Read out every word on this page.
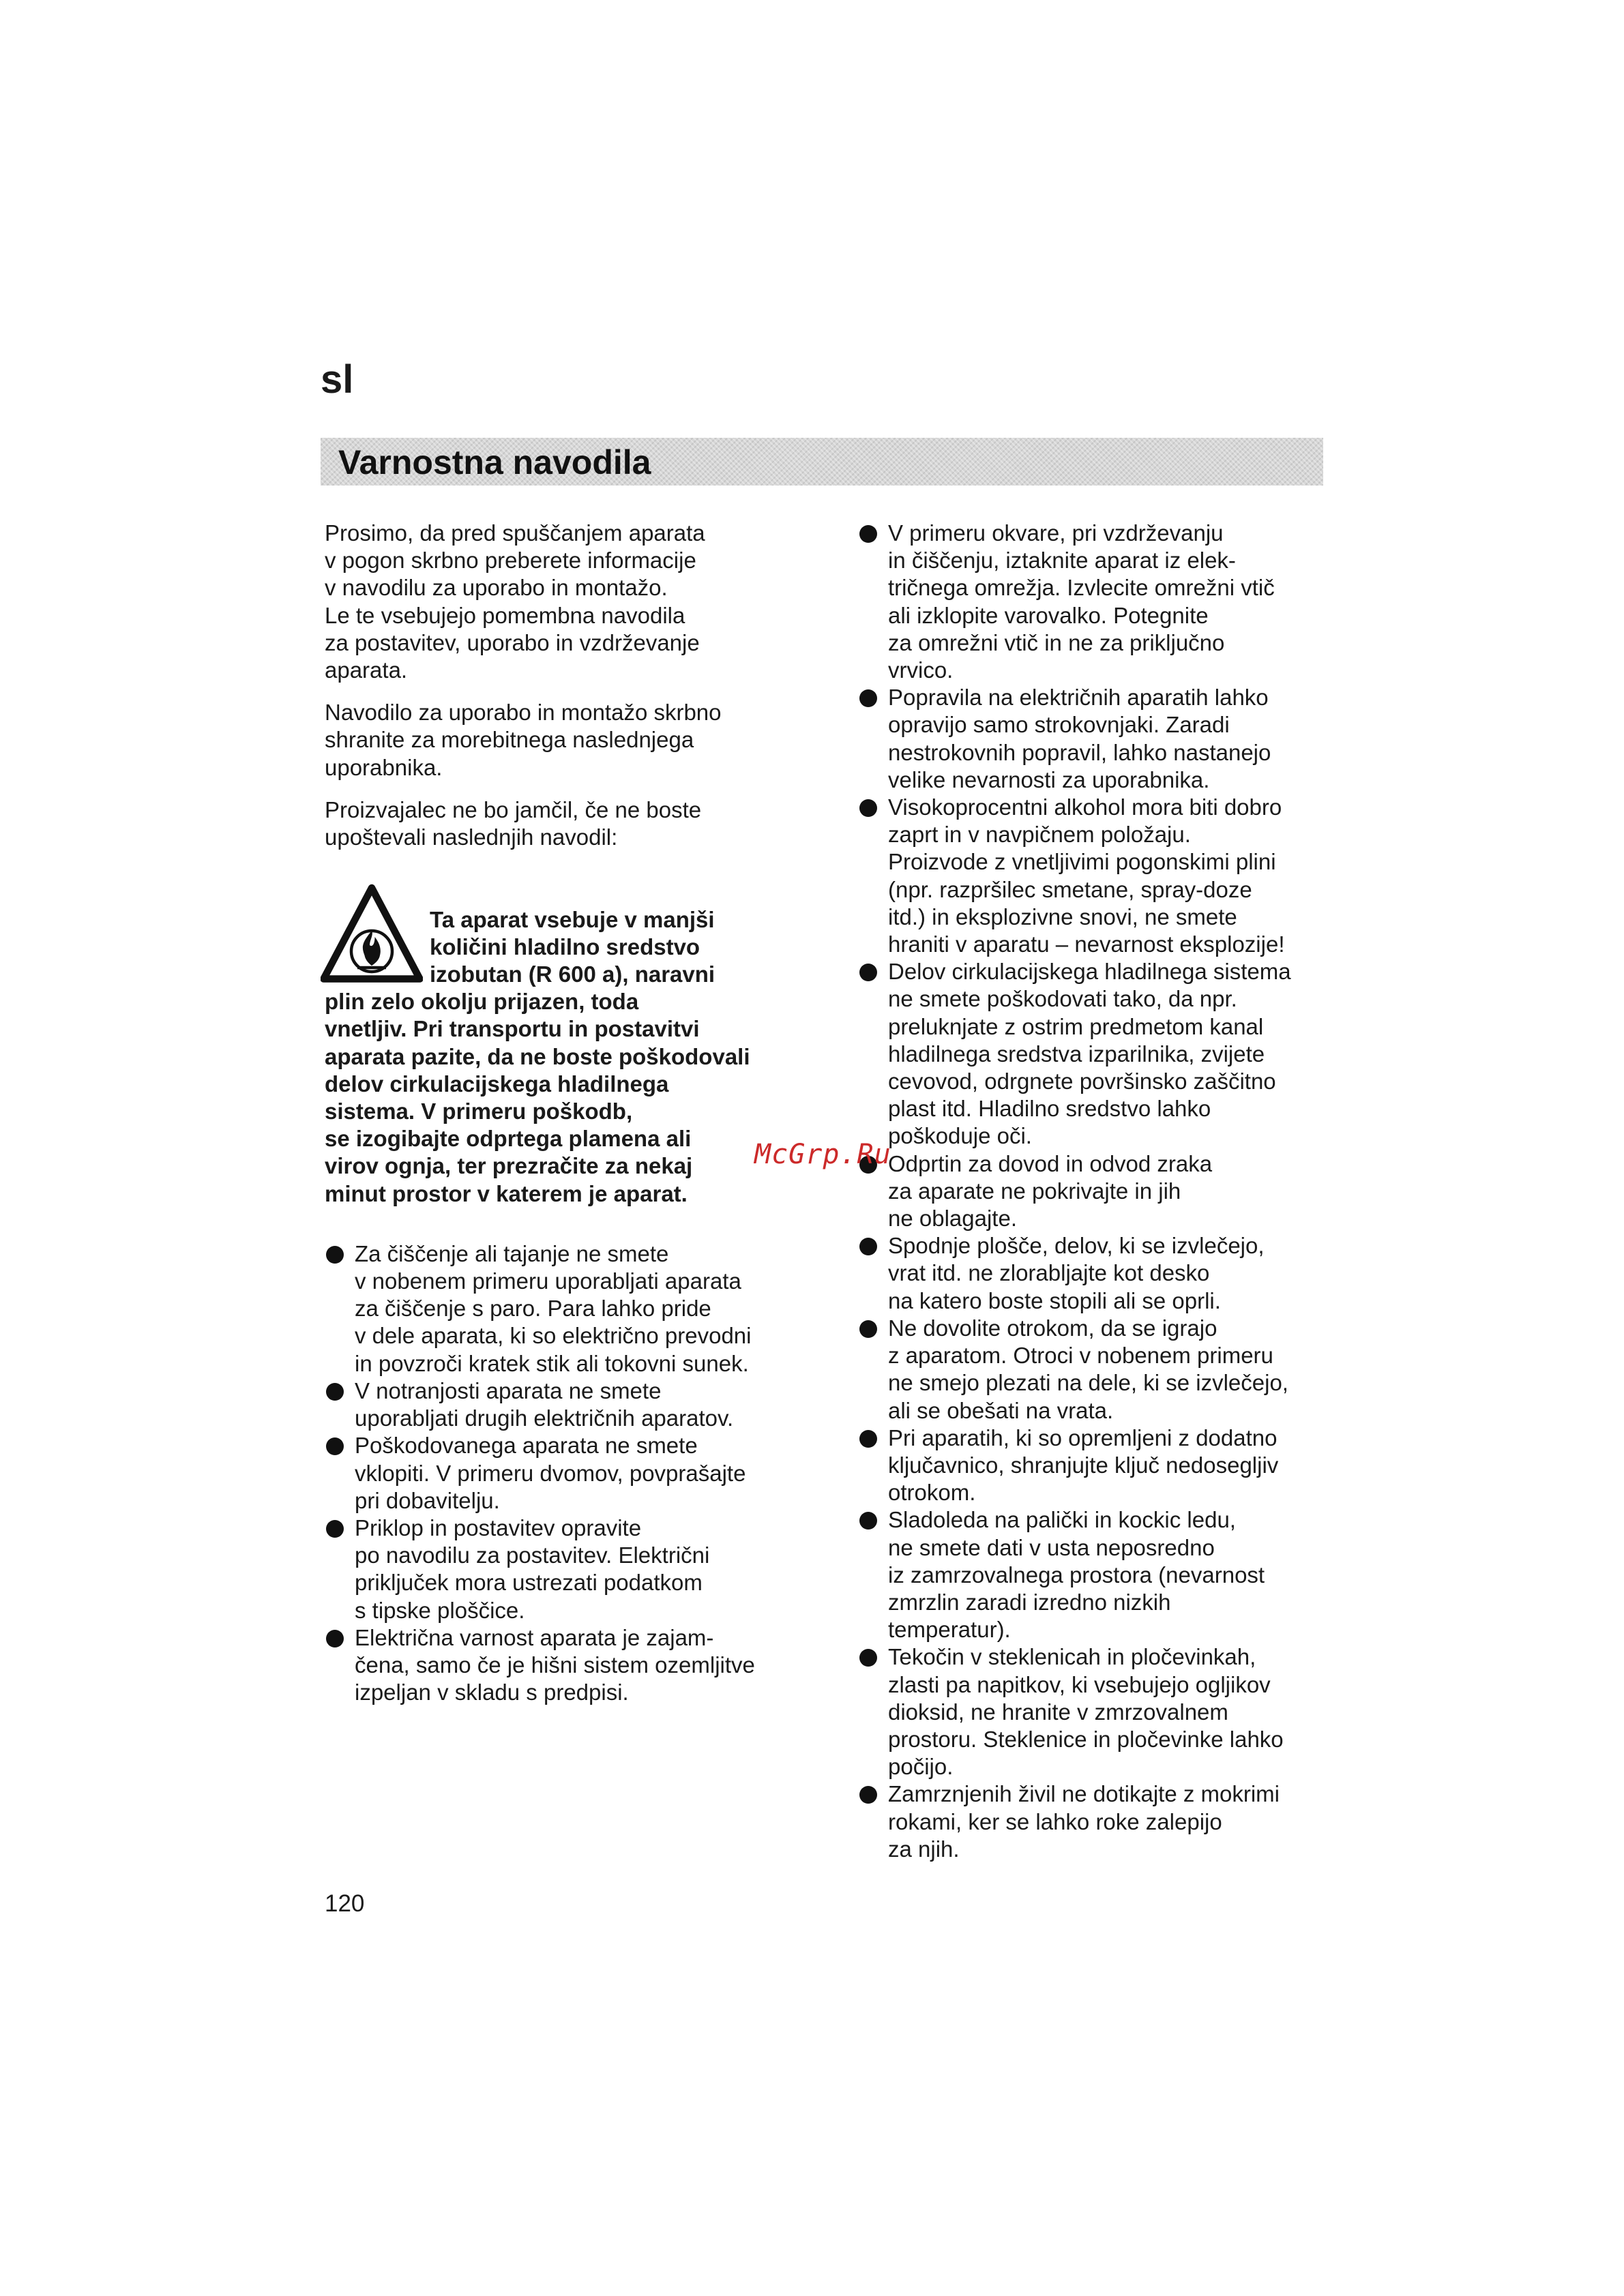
sl
Varnostna navodila

Prosimo, da pred spuščanjem aparata
v pogon skrbno preberete informacije
v navodilu za uporabo in montažo.
Le te vsebujejo pomembna navodila
za postavitev, uporabo in vzdrževanje
aparata.

Navodilo za uporabo in montažo skrbno
shranite za morebitnega naslednjega
uporabnika.

Proizvajalec ne bo jamčil, če ne boste
upoštevali naslednjih navodil:

Ta aparat vsebuje v manjši
količini hladilno sredstvo
izobutan (R 600 a), naravni
plin zelo okolju prijazen, toda
vnetljiv. Pri transportu in postavitvi
aparata pazite, da ne boste poškodovali
delov cirkulacijskega hladilnega
sistema. V primeru poškodb,
se izogibajte odprtega plamena ali
virov ognja, ter prezračite za nekaj
minut prostor v katerem je aparat.

Za čiščenje ali tajanje ne smete
v nobenem primeru uporabljati aparata
za čiščenje s paro. Para lahko pride
v dele aparata, ki so električno prevodni
in povzroči kratek stik ali tokovni sunek.
V notranjosti aparata ne smete
uporabljati drugih električnih aparatov.
Poškodovanega aparata ne smete
vklopiti. V primeru dvomov, povprašajte
pri dobavitelju.
Priklop in postavitev opravite
po navodilu za postavitev. Električni
priključek mora ustrezati podatkom
s tipske ploščice.
Električna varnost aparata je zajam-
čena, samo če je hišni sistem ozemljitve
izpeljan v skladu s predpisi.
V primeru okvare, pri vzdrževanju
in čiščenju, iztaknite aparat iz elek-
tričnega omrežja. Izvlecite omrežni vtič
ali izklopite varovalko. Potegnite
za omrežni vtič in ne za priključno
vrvico.
Popravila na električnih aparatih lahko
opravijo samo strokovnjaki. Zaradi
nestrokovnih popravil, lahko nastanejo
velike nevarnosti za uporabnika.
Visokoprocentni alkohol mora biti dobro
zaprt in v navpičnem položaju.
Proizvode z vnetljivimi pogonskimi plini
(npr. razpršilec smetane, spray-doze
itd.) in eksplozivne snovi, ne smete
hraniti v aparatu – nevarnost eksplozije!
Delov cirkulacijskega hladilnega sistema
ne smete poškodovati tako, da npr.
preluknjate z ostrim predmetom kanal
hladilnega sredstva izparilnika, zvijete
cevovod, odrgnete površinsko zaščitno
plast itd. Hladilno sredstvo lahko
poškoduje oči.
Odprtin za dovod in odvod zraka
za aparate ne pokrivajte in jih
ne oblagajte.
Spodnje plošče, delov, ki se izvlečejo,
vrat itd. ne zlorabljajte kot desko
na katero boste stopili ali se oprli.
Ne dovolite otrokom, da se igrajo
z aparatom. Otroci v nobenem primeru
ne smejo plezati na dele, ki se izvlečejo,
ali se obešati na vrata.
Pri aparatih, ki so opremljeni z dodatno
ključavnico, shranjujte ključ nedosegljiv
otrokom.
Sladoleda na palički in kockic ledu,
ne smete dati v usta neposredno
iz zamrzovalnega prostora (nevarnost
zmrzlin zaradi izredno nizkih
temperatur).
Tekočin v steklenicah in pločevinkah,
zlasti pa napitkov, ki vsebujejo ogljikov
dioksid, ne hranite v zmrzovalnem
prostoru. Steklenice in pločevinke lahko
počijo.
Zamrznjenih živil ne dotikajte z mokrimi
rokami, ker se lahko roke zalepijo
za njih.
McGrp.Ru
120
